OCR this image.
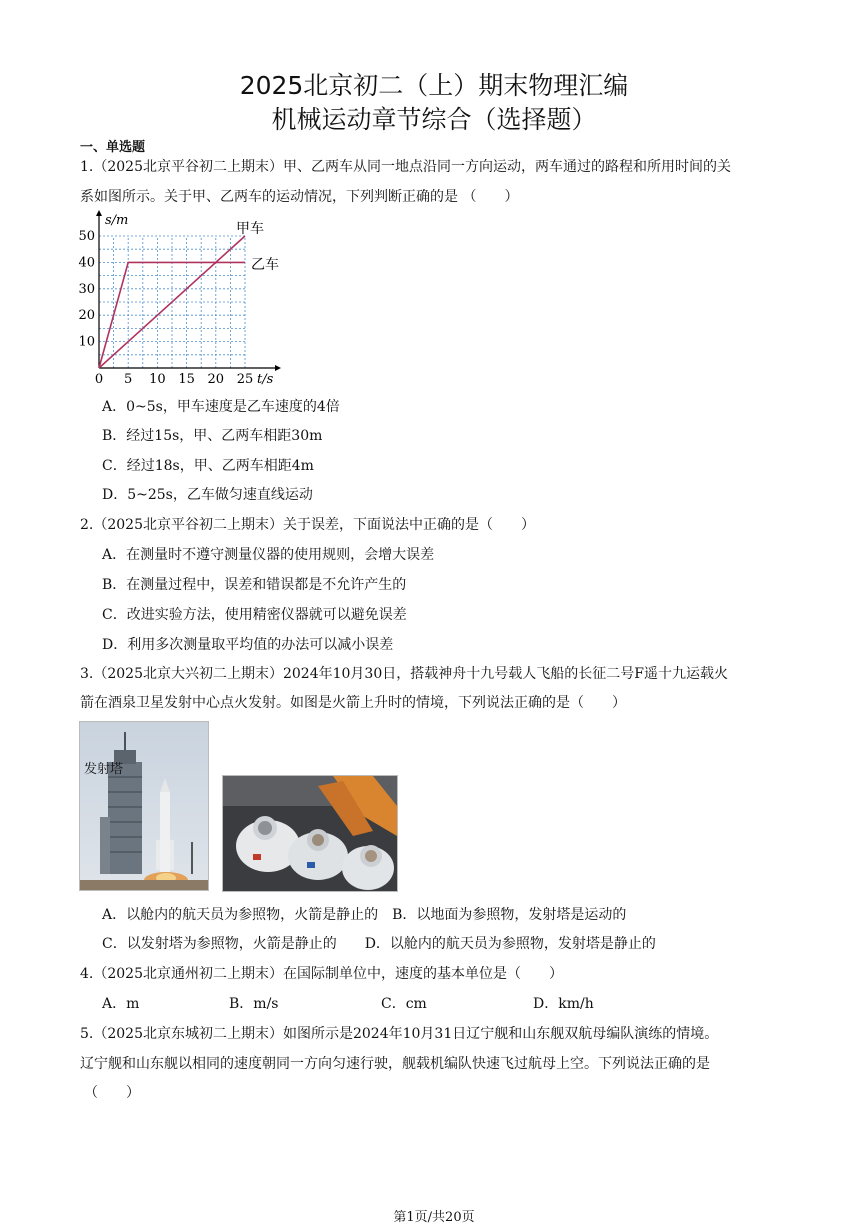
2025北京初二（上）期末物理汇编
机械运动章节综合（选择题）
一、单选题
1.（2025北京平谷初二上期末）甲、乙两车从同一地点沿同一方向运动，两车通过的路程和所用时间的关
系如图所示。关于甲、乙两车的运动情况，下列判断正确的是 （　　）
0 5 10 15 20 25
10
20
30
40
50
s/m
t/s
甲车
乙车
A．0~5s，甲车速度是乙车速度的4倍
B．经过15s，甲、乙两车相距30m
C．经过18s，甲、乙两车相距4m
D．5~25s，乙车做匀速直线运动
2.（2025北京平谷初二上期末）关于误差，下面说法中正确的是（　　）
A．在测量时不遵守测量仪器的使用规则，会增大误差
B．在测量过程中，误差和错误都是不允许产生的
C．改进实验方法，使用精密仪器就可以避免误差
D．利用多次测量取平均值的办法可以减小误差
3.（2025北京大兴初二上期末）2024年10月30日，搭载神舟十九号载人飞船的长征二号F遥十九运载火
箭在酒泉卫星发射中心点火发射。如图是火箭上升时的情境，下列说法正确的是（　　）
发射塔
A．以舱内的航天员为参照物，火箭是静止的　B．以地面为参照物，发射塔是运动的
C．以发射塔为参照物，火箭是静止的　　D．以舱内的航天员为参照物，发射塔是静止的
4.（2025北京通州初二上期末）在国际制单位中，速度的基本单位是（　　）
A．m	B．m/s	C．cm	D．km/h
5.（2025北京东城初二上期末）如图所示是2024年10月31日辽宁舰和山东舰双航母编队演练的情境。
辽宁舰和山东舰以相同的速度朝同一方向匀速行驶，舰载机编队快速飞过航母上空。下列说法正确的是
（　　）
第1页/共20页
